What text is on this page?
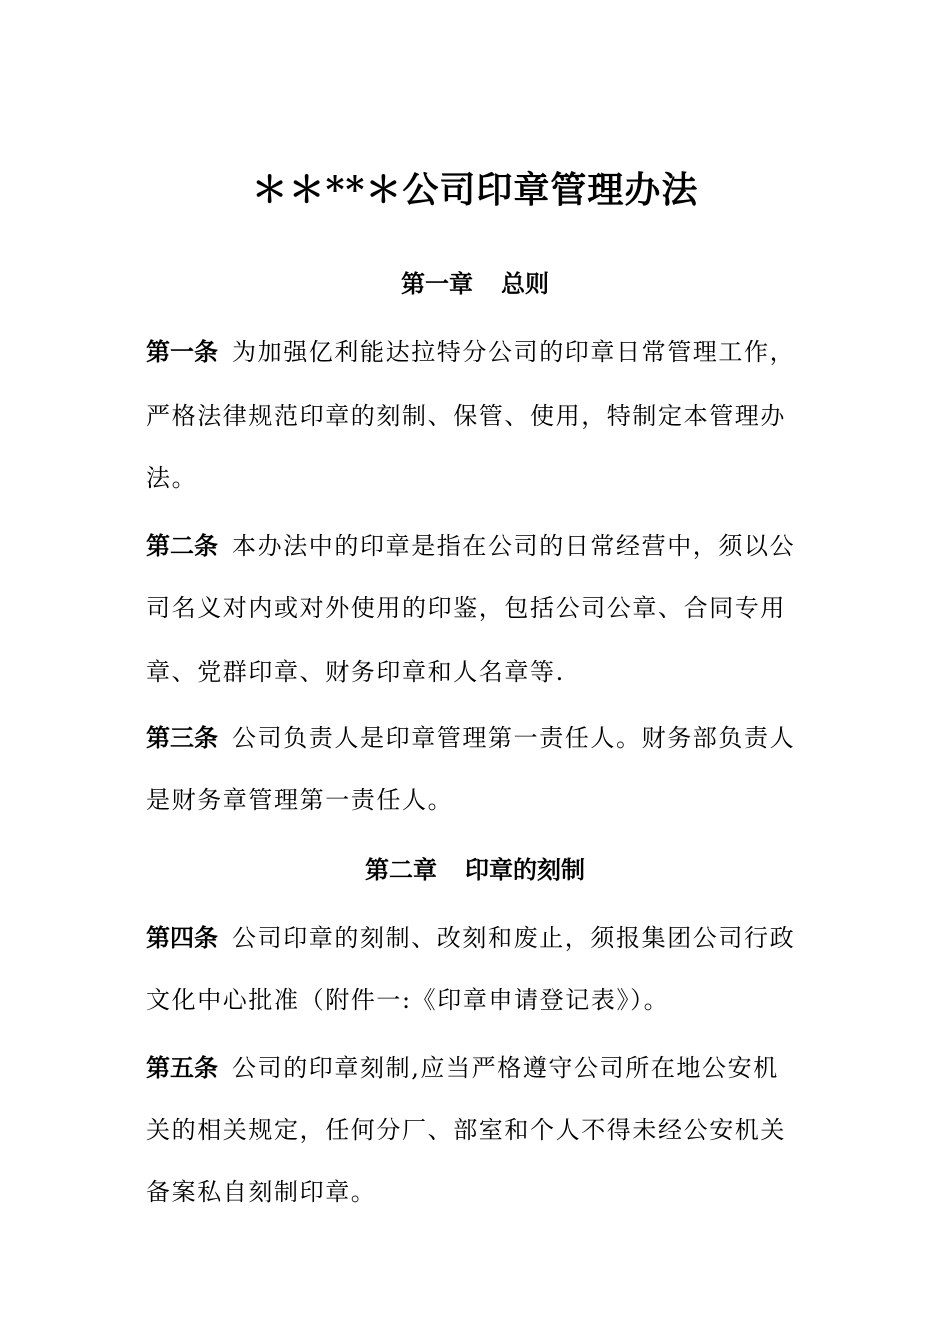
＊＊**＊公司印章管理办法
第一章 总则
第一条 为加强亿利能达拉特分公司的印章日常管理工作，
严格法律规范印章的刻制、保管、使用，特制定本管理办
法。
第二条 本办法中的印章是指在公司的日常经营中，须以公
司名义对内或对外使用的印鉴，包括公司公章、合同专用
章、党群印章、财务印章和人名章等.
第三条 公司负责人是印章管理第一责任人。财务部负责人
是财务章管理第一责任人。
第二章 印章的刻制
第四条 公司印章的刻制、改刻和废止，须报集团公司行政
文化中心批准（附件一:《印章申请登记表》）。
第五条 公司的印章刻制,应当严格遵守公司所在地公安机
关的相关规定，任何分厂、部室和个人不得未经公安机关
备案私自刻制印章。
